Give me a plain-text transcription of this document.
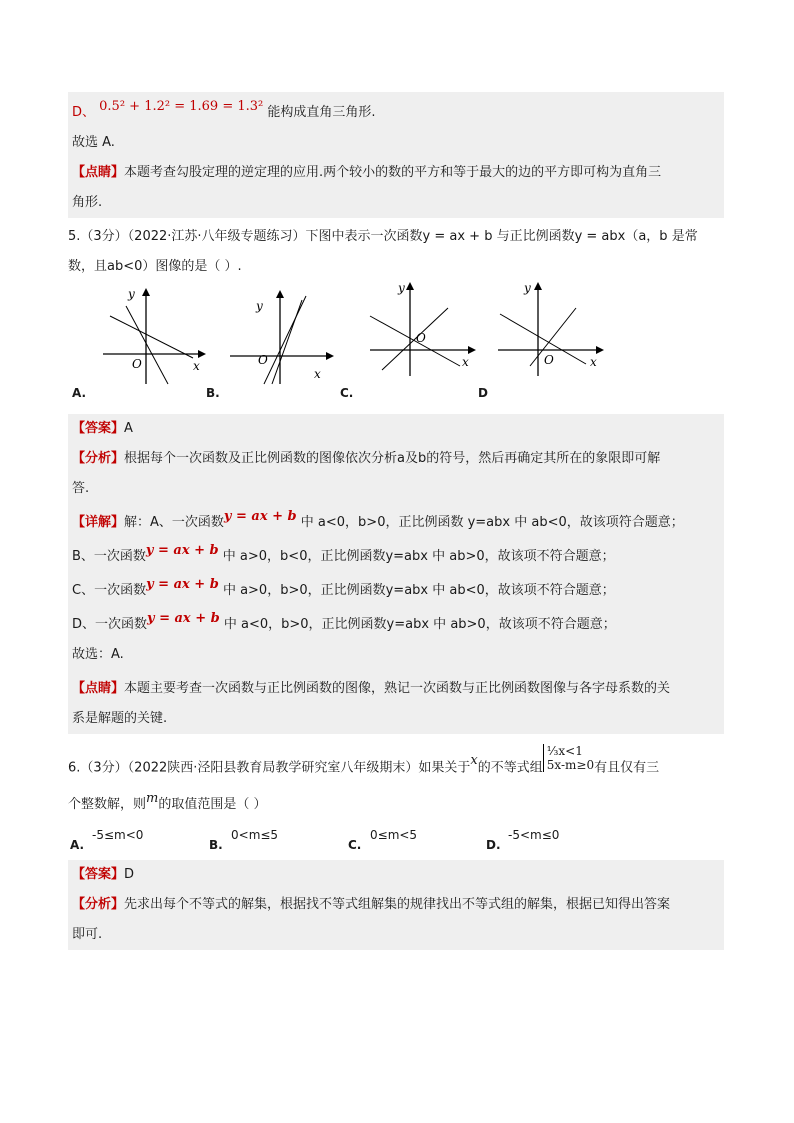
D、 0.5² + 1.2² = 1.69 = 1.3² 能构成直角三角形.
故选 A.
【点睛】本题考查勾股定理的逆定理的应用.两个较小的数的平方和等于最大的边的平方即可构为直角三
角形.
5.（3分）（2022·江苏·八年级专题练习）下图中表示一次函数y = ax + b 与正比例函数y = abx（a，b 是常
数，且ab<0）图像的是（ ）.
y
x
O
A.
y
x
O
B.
y
x
O
C.
y
x
O
D
【答案】A
【分析】根据每个一次函数及正比例函数的图像依次分析a及b的符号，然后再确定其所在的象限即可解
答.
【详解】解：A、一次函数y = ax + b 中 a<0，b>0，正比例函数 y=abx 中 ab<0，故该项符合题意；
B、一次函数y = ax + b 中 a>0，b<0，正比例函数y=abx 中 ab>0，故该项不符合题意；
C、一次函数y = ax + b 中 a>0，b>0，正比例函数y=abx 中 ab<0，故该项不符合题意；
D、一次函数y = ax + b 中 a<0，b>0，正比例函数y=abx 中 ab>0，故该项不符合题意；
故选：A.
【点睛】本题主要考查一次函数与正比例函数的图像，熟记一次函数与正比例函数图像与各字母系数的关
系是解题的关键.
6.（3分）（2022陕西·泾阳县教育局教学研究室八年级期末）如果关于x的不等式组
⅓x<1
5x-m≥0 有且仅有三
个整数解，则m的取值范围是（ ）
A.
-5≤m<0
B.
0<m≤5
C.
0≤m<5
D.
-5<m≤0
【答案】D
【分析】先求出每个不等式的解集，根据找不等式组解集的规律找出不等式组的解集，根据已知得出答案
即可.
